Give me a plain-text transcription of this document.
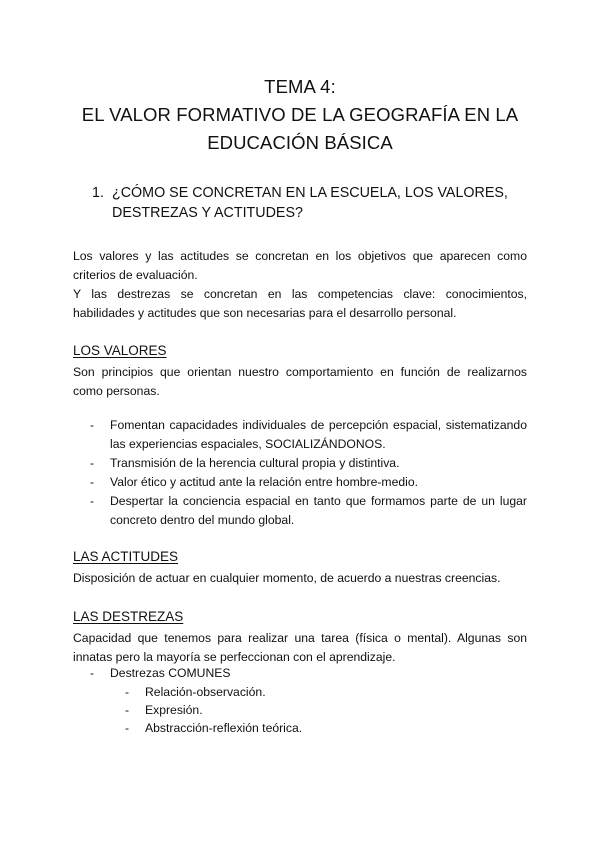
TEMA 4:
EL VALOR FORMATIVO DE LA GEOGRAFÍA EN LA
EDUCACIÓN BÁSICA
1. ¿CÓMO SE CONCRETAN EN LA ESCUELA, LOS VALORES,
DESTREZAS Y ACTITUDES?
Los valores y las actitudes se concretan en los objetivos que aparecen como criterios de evaluación.
Y las destrezas se concretan en las competencias clave: conocimientos, habilidades y actitudes que son necesarias para el desarrollo personal.
LOS VALORES
Son principios que orientan nuestro comportamiento en función de realizarnos como personas.
- Fomentan capacidades individuales de percepción espacial, sistematizando las experiencias espaciales, SOCIALIZÁNDONOS.
- Transmisión de la herencia cultural propia y distintiva.
- Valor ético y actitud ante la relación entre hombre-medio.
- Despertar la conciencia espacial en tanto que formamos parte de un lugar concreto dentro del mundo global.
LAS ACTITUDES
Disposición de actuar en cualquier momento, de acuerdo a nuestras creencias.
LAS DESTREZAS
Capacidad que tenemos para realizar una tarea (física o mental). Algunas son innatas pero la mayoría se perfeccionan con el aprendizaje.
- Destrezas COMUNES
- Relación-observación.
- Expresión.
- Abstracción-reflexión teórica.
